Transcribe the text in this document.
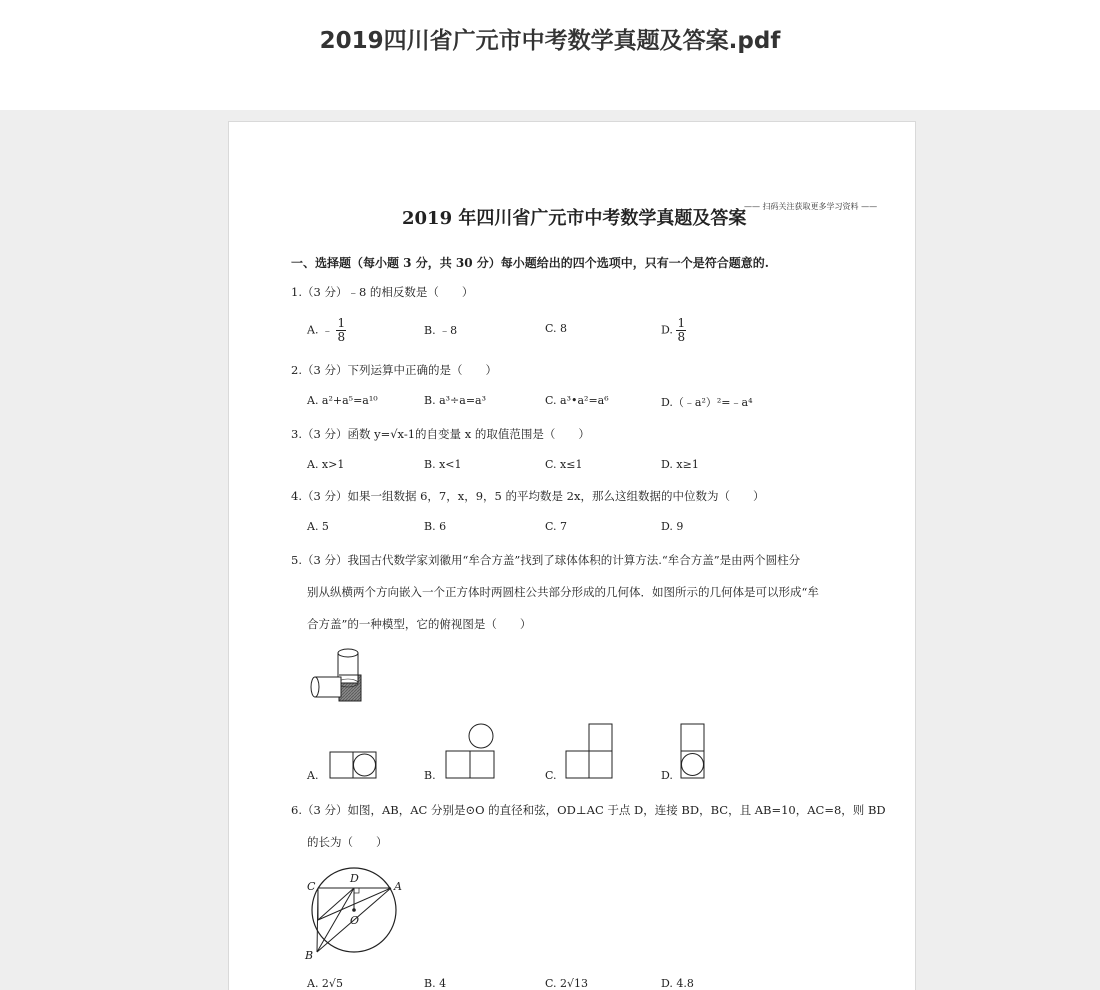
2019四川省广元市中考数学真题及答案.pdf
2019 年四川省广元市中考数学真题及答案
—— 扫码关注获取更多学习资料 ——
一、选择题（每小题 3 分，共 30 分）每小题给出的四个选项中，只有一个是符合题意的.
1.（3 分）﹣8 的相反数是（　　）
A. ﹣ $\frac{1}{8}$	B. ﹣8	C. 8	D. $\frac{1}{8}$
2.（3 分）下列运算中正确的是（　　）
A. a²+a⁵=a¹⁰	B. a³÷a=a³	C. a³•a²=a⁶	D.（﹣a²）²=﹣a⁴
3.（3 分）函数 y=√x-1的自变量 x 的取值范围是（　　）
A. x>1	B. x<1	C. x≤1	D. x≥1
4.（3 分）如果一组数据 6，7，x，9，5 的平均数是 2x，那么这组数据的中位数为（　　）
A. 5	B. 6	C. 7	D. 9
5.（3 分）我国古代数学家刘徽用“牟合方盖”找到了球体体积的计算方法.“牟合方盖”是由两个圆柱分
别从纵横两个方向嵌入一个正方体时两圆柱公共部分形成的几何体．如图所示的几何体是可以形成“牟
合方盖”的一种模型，它的俯视图是（　　）
A.	B.	C.	D.
6.（3 分）如图，AB，AC 分别是⊙O 的直径和弦，OD⊥AC 于点 D，连接 BD，BC，且 AB=10，AC=8，则 BD
的长为（　　）
C
D
A
O
B
A. 2√5	B. 4	C. 2√13	D. 4.8
